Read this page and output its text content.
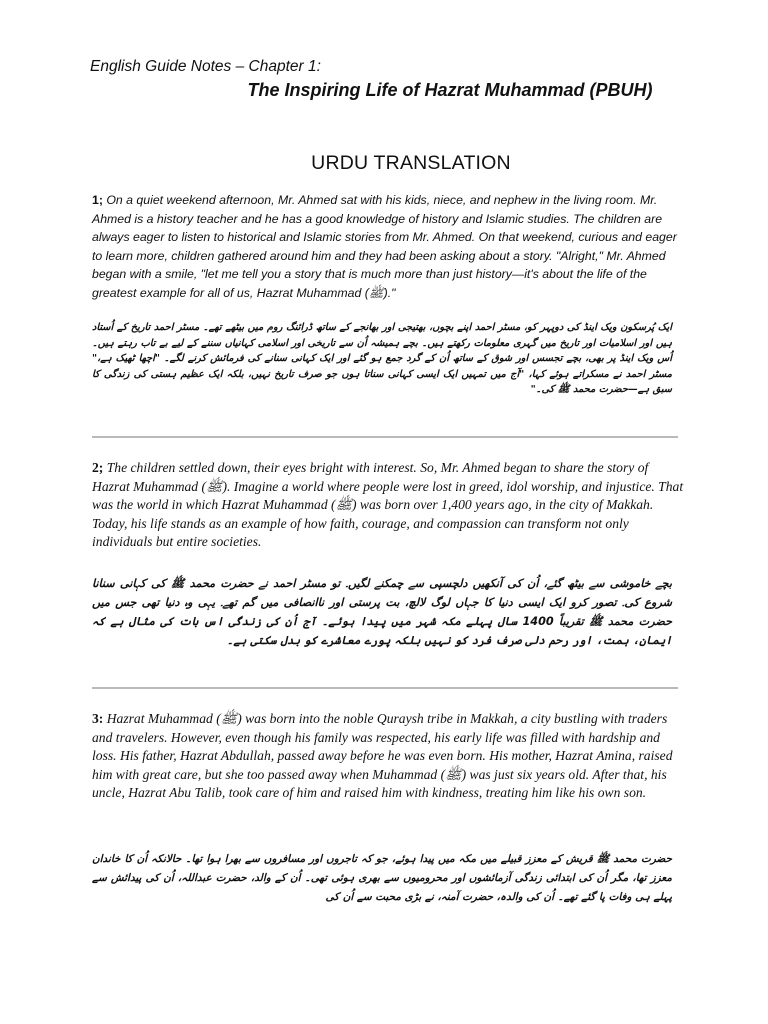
English Guide Notes – Chapter 1:
The Inspiring Life of Hazrat Muhammad (PBUH)
URDU TRANSLATION

1; On a quiet weekend afternoon, Mr. Ahmed sat with his kids, niece, and nephew in the living room. Mr. Ahmed is a history teacher and he has a good knowledge of history and Islamic studies. The children are always eager to listen to historical and Islamic stories from Mr. Ahmed. On that weekend, curious and eager to learn more, children gathered around him and they had been asking about a story. "Alright," Mr. Ahmed began with a smile, "let me tell you a story that is much more than just history—it's about the life of the greatest example for all of us, Hazrat Muhammad (ﷺ)."

ایک پُرسکون ویک اینڈ کی دوپہر کو، مسٹر احمد اپنے بچوں، بھتیجی اور بھانجے کے ساتھ ڈرائنگ روم میں بیٹھے تھے۔ مسٹر احمد تاریخ کے اُستاد ہیں اور اسلامیات اور تاریخ میں گہری معلومات رکھتے ہیں۔ بچے ہمیشہ اُن سے تاریخی اور اسلامی کہانیاں سننے کے لیے بے تاب رہتے ہیں۔ اُس ویک اینڈ پر بھی، بچے تجسس اور شوق کے ساتھ اُن کے گرد جمع ہو گئے اور ایک کہانی سنانے کی فرمائش کرنے لگے۔ "اچھا ٹھیک ہے،" مسٹر احمد نے مسکراتے ہوئے کہا، "آج میں تمہیں ایک ایسی کہانی سناتا ہوں جو صرف تاریخ نہیں، بلکہ ایک عظیم ہستی کی زندگی کا سبق ہے—حضرت محمد ﷺ کی۔"

2; The children settled down, their eyes bright with interest. So, Mr. Ahmed began to share the story of Hazrat Muhammad (ﷺ). Imagine a world where people were lost in greed, idol worship, and injustice. That was the world in which Hazrat Muhammad (ﷺ) was born over 1,400 years ago, in the city of Makkah. Today, his life stands as an example of how faith, courage, and compassion can transform not only individuals but entire societies.

بچے خاموشی سے بیٹھ گئے، اُن کی آنکھیں دلچسپی سے چمکنے لگیں۔ تو مسٹر احمد نے حضرت محمد ﷺ کی کہانی سنانا شروع کی۔ تصور کرو ایک ایسی دنیا کا جہاں لوگ لالچ، بت پرستی اور ناانصافی میں گم تھے۔ یہی وہ دنیا تھی جس میں حضرت محمد ﷺ تقریباً 1400 سال پہلے مکہ شہر میں پیدا ہوئے۔ آج اُن کی زندگی اس بات کی مثال ہے کہ ایمان، ہمت، اور رحم دلی صرف فرد کو نہیں بلکہ پورے معاشرے کو بدل سکتی ہے۔

3: Hazrat Muhammad (ﷺ) was born into the noble Quraysh tribe in Makkah, a city bustling with traders and travelers. However, even though his family was respected, his early life was filled with hardship and loss. His father, Hazrat Abdullah, passed away before he was even born. His mother, Hazrat Amina, raised him with great care, but she too passed away when Muhammad (ﷺ) was just six years old. After that, his uncle, Hazrat Abu Talib, took care of him and raised him with kindness, treating him like his own son.

حضرت محمد ﷺ قریش کے معزز قبیلے میں مکہ میں پیدا ہوئے، جو کہ تاجروں اور مسافروں سے بھرا ہوا تھا۔ حالانکہ اُن کا خاندان معزز تھا، مگر اُن کی ابتدائی زندگی آزمائشوں اور محرومیوں سے بھری ہوئی تھی۔ اُن کے والد، حضرت عبداللہ، اُن کی پیدائش سے پہلے ہی وفات پا گئے تھے۔ اُن کی والدہ، حضرت آمنہ، نے بڑی محبت سے اُن کی
